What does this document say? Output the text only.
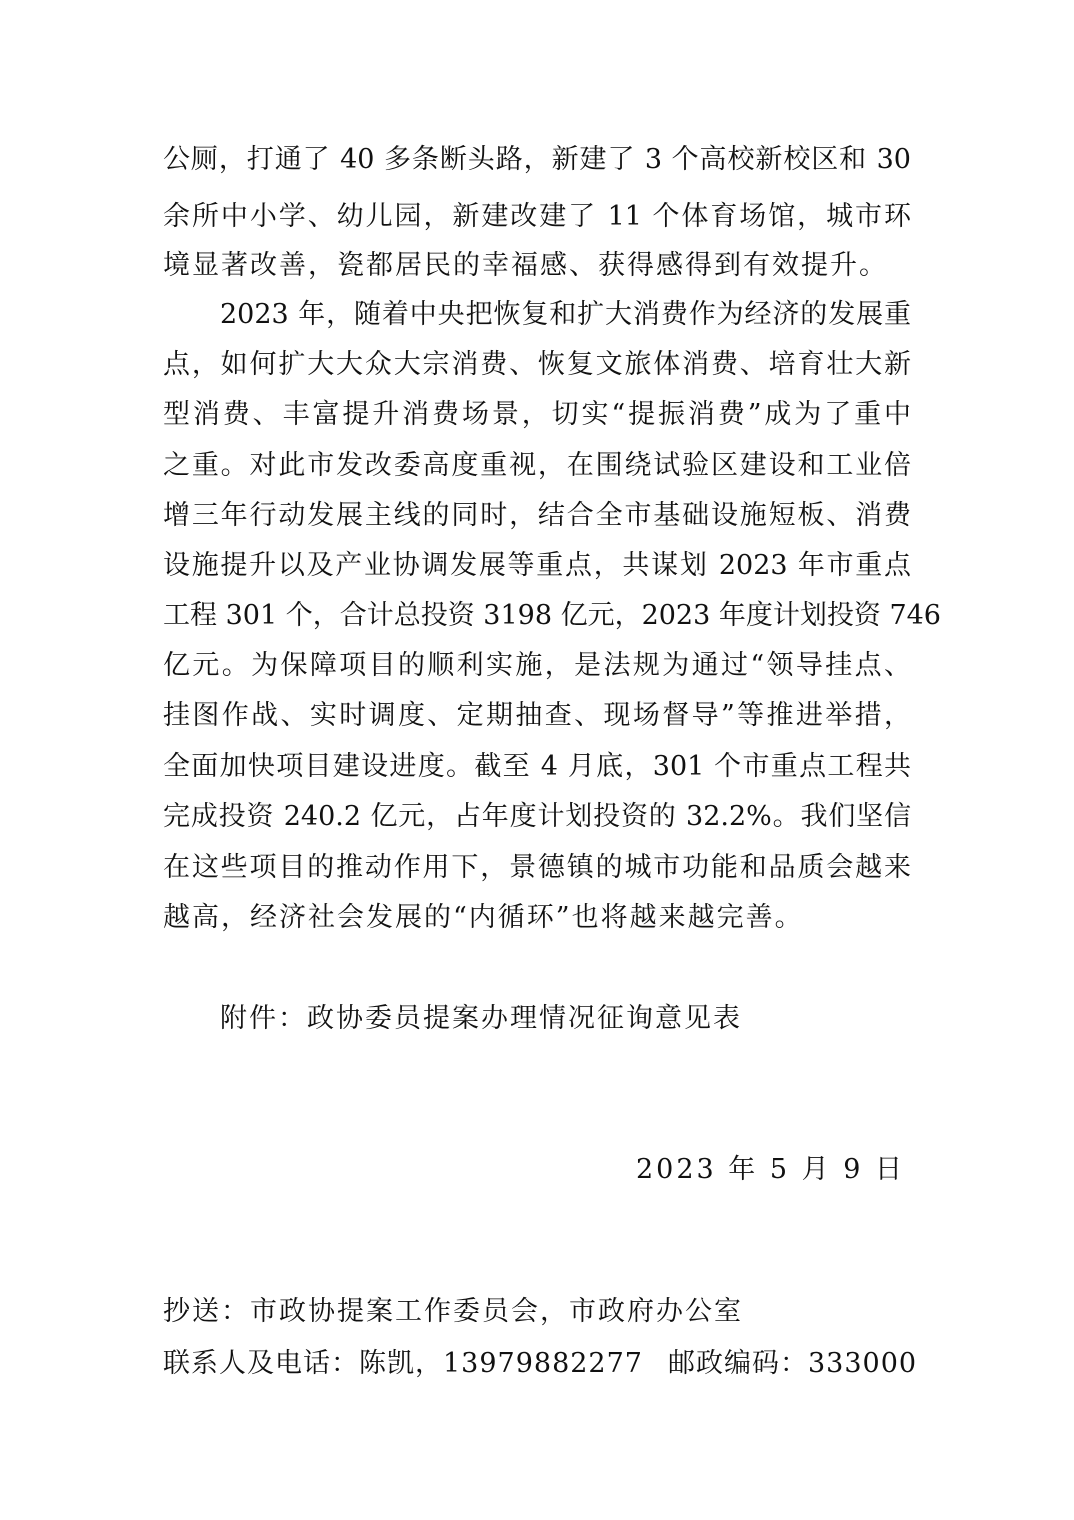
公厕，打通了 40 多条断头路，新建了 3 个高校新校区和 30
余所中小学、幼儿园，新建改建了 11 个体育场馆，城市环
境显著改善，瓷都居民的幸福感、获得感得到有效提升。
2023 年，随着中央把恢复和扩大消费作为经济的发展重
点，如何扩大大众大宗消费、恢复文旅体消费、培育壮大新
型消费、丰富提升消费场景，切实“提振消费”成为了重中
之重。对此市发改委高度重视，在围绕试验区建设和工业倍
增三年行动发展主线的同时，结合全市基础设施短板、消费
设施提升以及产业协调发展等重点，共谋划 2023 年市重点
工程 301 个，合计总投资 3198 亿元，2023 年度计划投资 746
亿元。为保障项目的顺利实施，是法规为通过“领导挂点、
挂图作战、实时调度、定期抽查、现场督导”等推进举措，
全面加快项目建设进度。截至 4 月底，301 个市重点工程共
完成投资 240.2 亿元，占年度计划投资的 32.2%。我们坚信
在这些项目的推动作用下，景德镇的城市功能和品质会越来
越高，经济社会发展的“内循环”也将越来越完善。
附件：政协委员提案办理情况征询意见表
2023 年 5 月 9 日
抄送：市政协提案工作委员会，市政府办公室
联系人及电话：陈凯，13979882277 邮政编码：333000
